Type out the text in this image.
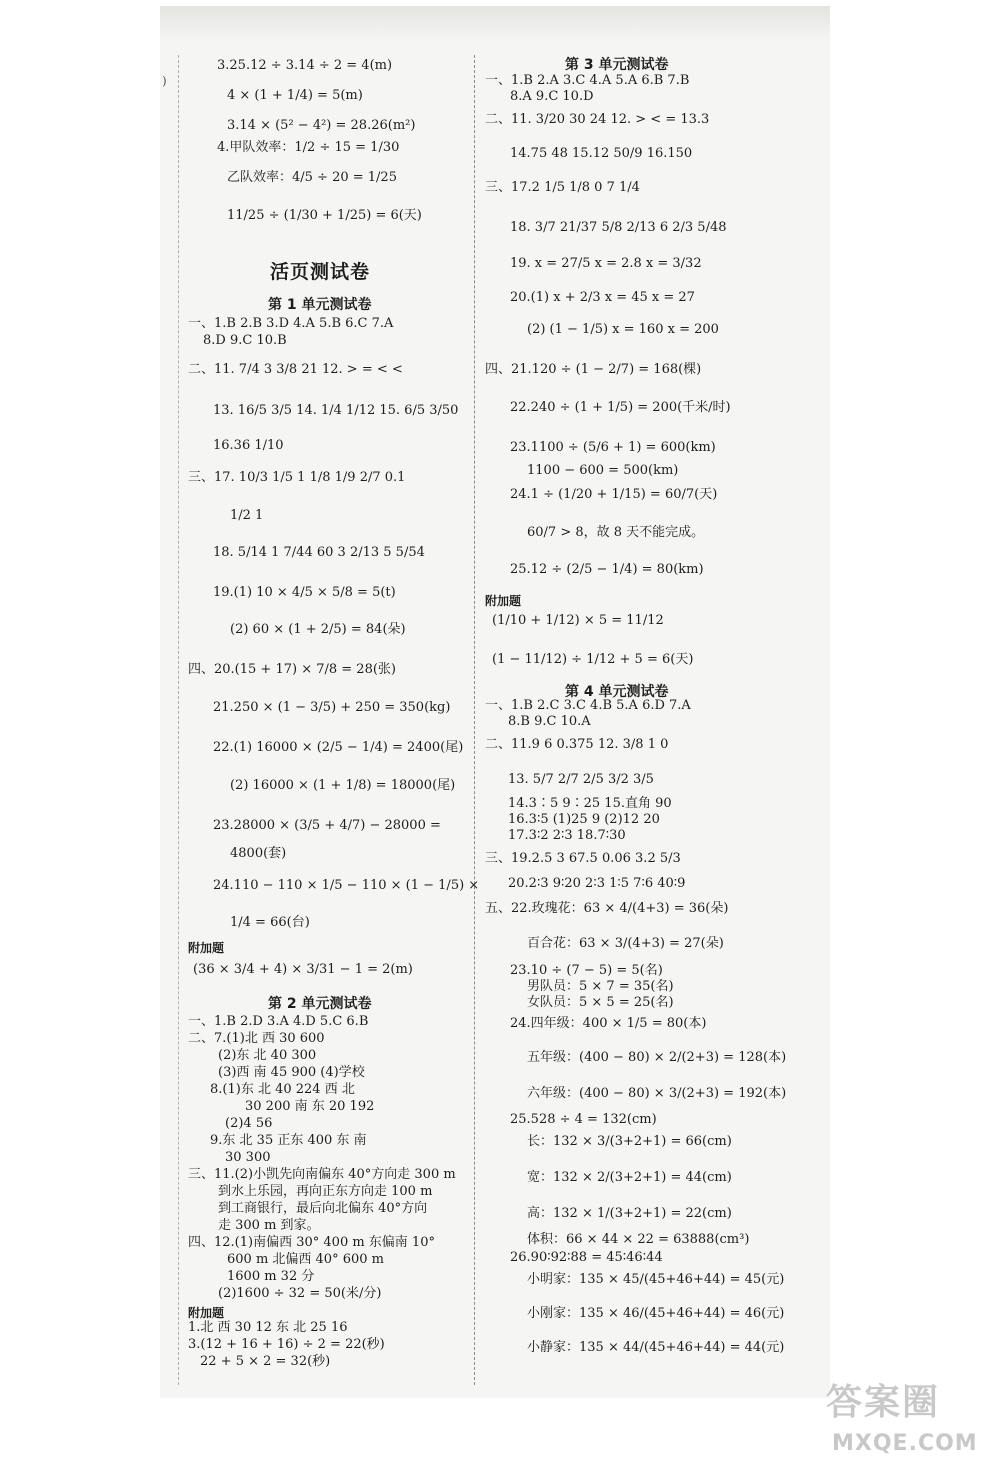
3.25.12 ÷ 3.14 ÷ 2 = 4(m)
4 × (1 + 1/4) = 5(m)
3.14 × (5² − 4²) = 28.26(m²)
4.甲队效率：1/2 ÷ 15 = 1/30
乙队效率：4/5 ÷ 20 = 1/25
11/25 ÷ (1/30 + 1/25) = 6(天)
活页测试卷
第 1 单元测试卷
一、1.B 2.B 3.D 4.A 5.B 6.C 7.A
8.D 9.C 10.B
二、11. 7/4 3 3/8 21 12. > = < <
13. 16/5 3/5 14. 1/4 1/12 15. 6/5 3/50
16.36 1/10
三、17. 10/3 1/5 1 1/8 1/9 2/7 0.1
1/2 1
18. 5/14 1 7/44 60 3 2/13 5 5/54
19.(1) 10 × 4/5 × 5/8 = 5(t)
(2) 60 × (1 + 2/5) = 84(朵)
四、20.(15 + 17) × 7/8 = 28(张)
21.250 × (1 − 3/5) + 250 = 350(kg)
22.(1) 16000 × (2/5 − 1/4) = 2400(尾)
(2) 16000 × (1 + 1/8) = 18000(尾)
23.28000 × (3/5 + 4/7) − 28000 =
4800(套)
24.110 − 110 × 1/5 − 110 × (1 − 1/5) ×
1/4 = 66(台)
附加题
(36 × 3/4 + 4) × 3/31 − 1 = 2(m)
第 2 单元测试卷
一、1.B 2.D 3.A 4.D 5.C 6.B
二、7.(1)北 西 30 600
(2)东 北 40 300
(3)西 南 45 900 (4)学校
8.(1)东 北 40 224 西 北
30 200 南 东 20 192
(2)4 56
9.东 北 35 正东 400 东 南
30 300
三、11.(2)小凯先向南偏东 40°方向走 300 m
到水上乐园，再向正东方向走 100 m
到工商银行，最后向北偏东 40°方向
走 300 m 到家。
四、12.(1)南偏西 30° 400 m 东偏南 10°
600 m 北偏西 40° 600 m
1600 m 32 分
(2)1600 ÷ 32 = 50(米/分)
附加题
1.北 西 30 12 东 北 25 16
3.(12 + 16 + 16) ÷ 2 = 22(秒)
22 + 5 × 2 = 32(秒)
第 3 单元测试卷
一、1.B 2.A 3.C 4.A 5.A 6.B 7.B
8.A 9.C 10.D
二、11. 3/20 30 24 12. > < = 13.3
14.75 48 15.12 50/9 16.150
三、17.2 1/5 1/8 0 7 1/4
18. 3/7 21/37 5/8 2/13 6 2/3 5/48
19. x = 27/5 x = 2.8 x = 3/32
20.(1) x + 2/3 x = 45 x = 27
(2) (1 − 1/5) x = 160 x = 200
四、21.120 ÷ (1 − 2/7) = 168(棵)
22.240 ÷ (1 + 1/5) = 200(千米/时)
23.1100 ÷ (5/6 + 1) = 600(km)
1100 − 600 = 500(km)
24.1 ÷ (1/20 + 1/15) = 60/7(天)
60/7 > 8，故 8 天不能完成。
25.12 ÷ (2/5 − 1/4) = 80(km)
附加题
(1/10 + 1/12) × 5 = 11/12
(1 − 11/12) ÷ 1/12 + 5 = 6(天)
第 4 单元测试卷
一、1.B 2.C 3.C 4.B 5.A 6.D 7.A
8.B 9.C 10.A
二、11.9 6 0.375 12. 3/8 1 0
13. 5/7 2/7 2/5 3/2 3/5
14.3∶5 9∶25 15.直角 90
16.3∶5 (1)25 9 (2)12 20
17.3∶2 2∶3 18.7∶30
三、19.2.5 3 67.5 0.06 3.2 5/3
20.2∶3 9∶20 2∶3 1∶5 7∶6 40∶9
五、22.玫瑰花：63 × 4/(4+3) = 36(朵)
百合花：63 × 3/(4+3) = 27(朵)
23.10 ÷ (7 − 5) = 5(名)
男队员：5 × 7 = 35(名)
女队员：5 × 5 = 25(名)
24.四年级：400 × 1/5 = 80(本)
五年级：(400 − 80) × 2/(2+3) = 128(本)
六年级：(400 − 80) × 3/(2+3) = 192(本)
25.528 ÷ 4 = 132(cm)
长：132 × 3/(3+2+1) = 66(cm)
宽：132 × 2/(3+2+1) = 44(cm)
高：132 × 1/(3+2+1) = 22(cm)
体积：66 × 44 × 22 = 63888(cm³)
26.90∶92∶88 = 45∶46∶44
小明家：135 × 45/(45+46+44) = 45(元)
小刚家：135 × 46/(45+46+44) = 46(元)
小静家：135 × 44/(45+46+44) = 44(元)
)
答案圈
MXQE.COM
